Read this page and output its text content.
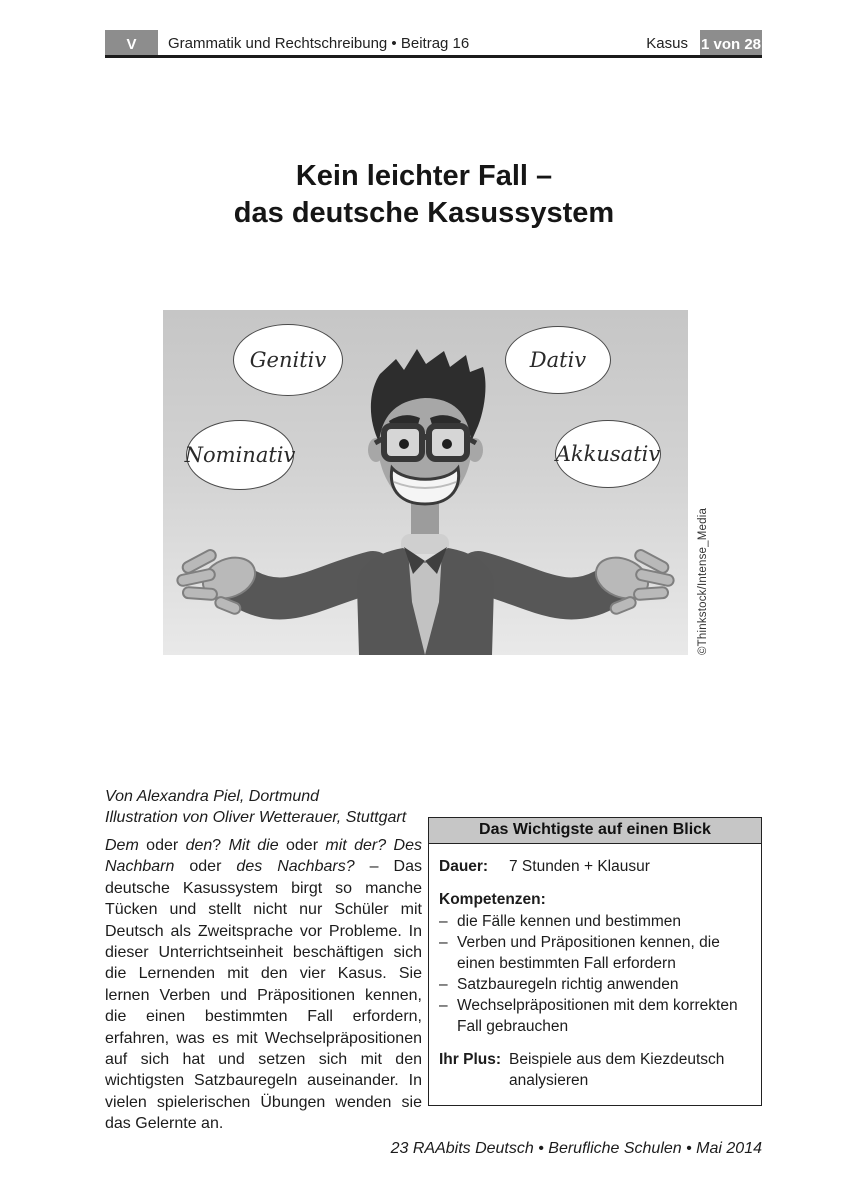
V	Grammatik und Rechtschreibung • Beitrag 16	Kasus 1 von 28
Kein leichter Fall –
das deutsche Kasussystem
Genitiv	Dativ
Nominativ	Akkusativ
©Thinkstock/Intense_Media
Von Alexandra Piel, Dortmund
Illustration von Oliver Wetterauer, Stuttgart

Dem oder den? Mit die oder mit der? Des Nachbarn oder des Nachbars? – Das deutsche Kasussystem birgt so manche Tücken und stellt nicht nur Schüler mit Deutsch als Zweitsprache vor Probleme. In dieser Unterrichtseinheit beschäftigen sich die Lernenden mit den vier Kasus. Sie lernen Verben und Präpositionen kennen, die einen bestimmten Fall erfordern, erfahren, was es mit Wechselpräpositionen auf sich hat und setzen sich mit den wichtigsten Satzbauregeln auseinander. In vielen spielerischen Übungen wenden sie das Gelernte an.

Das Wichtigste auf einen Blick
Dauer:	7 Stunden + Klausur
Kompetenzen:
– die Fälle kennen und bestimmen
– Verben und Präpositionen kennen, die einen bestimmten Fall erfordern
– Satzbauregeln richtig anwenden
– Wechselpräpositionen mit dem korrekten Fall gebrauchen
Ihr Plus: Beispiele aus dem Kiezdeutsch analysieren
23 RAAbits Deutsch • Berufliche Schulen • Mai 2014
